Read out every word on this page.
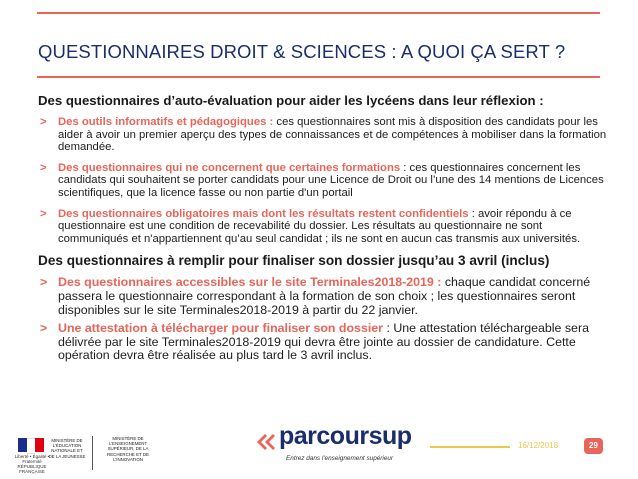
QUESTIONNAIRES DROIT & SCIENCES : A QUOI ÇA SERT ?
Des questionnaires d’auto-évaluation pour aider les lycéens dans leur réflexion :
> Des outils informatifs et pédagogiques : ces questionnaires sont mis à disposition des candidats pour les aider à avoir un premier aperçu des types de connaissances et de compétences à mobiliser dans la formation demandée.
> Des questionnaires qui ne concernent que certaines formations : ces questionnaires concernent les candidats qui souhaitent se porter candidats pour une Licence de Droit ou l’une des 14 mentions de Licences scientifiques, que la licence fasse ou non partie d'un portail
> Des questionnaires obligatoires mais dont les résultats restent confidentiels : avoir répondu à ce questionnaire est une condition de recevabilité du dossier. Les résultats au questionnaire ne sont communiqués et n'appartiennent qu’au seul candidat ; ils ne sont en aucun cas transmis aux universités.
Des questionnaires à remplir pour finaliser son dossier jusqu’au 3 avril (inclus)
> Des questionnaires accessibles sur le site Terminales2018-2019 : chaque candidat concerné passera le questionnaire correspondant à la formation de son choix ; les questionnaires seront disponibles sur le site Terminales2018-2019 à partir du 22 janvier.
> Une attestation à télécharger pour finaliser son dossier : Une attestation téléchargeable sera délivrée par le site Terminales2018-2019 qui devra être jointe au dossier de candidature. Cette opération devra être réalisée au plus tard le 3 avril inclus.
Liberté • Égalité • Fraternité RÉPUBLIQUE FRANÇAISE
MINISTÈRE DE L’ÉDUCATION NATIONALE ET DE LA JEUNESSE
MINISTÈRE DE L’ENSEIGNEMENT SUPÉRIEUR, DE LA RECHERCHE ET DE L’INNOVATION
parcoursup
Entrez dans l'enseignement supérieur
16/12/2018	29
